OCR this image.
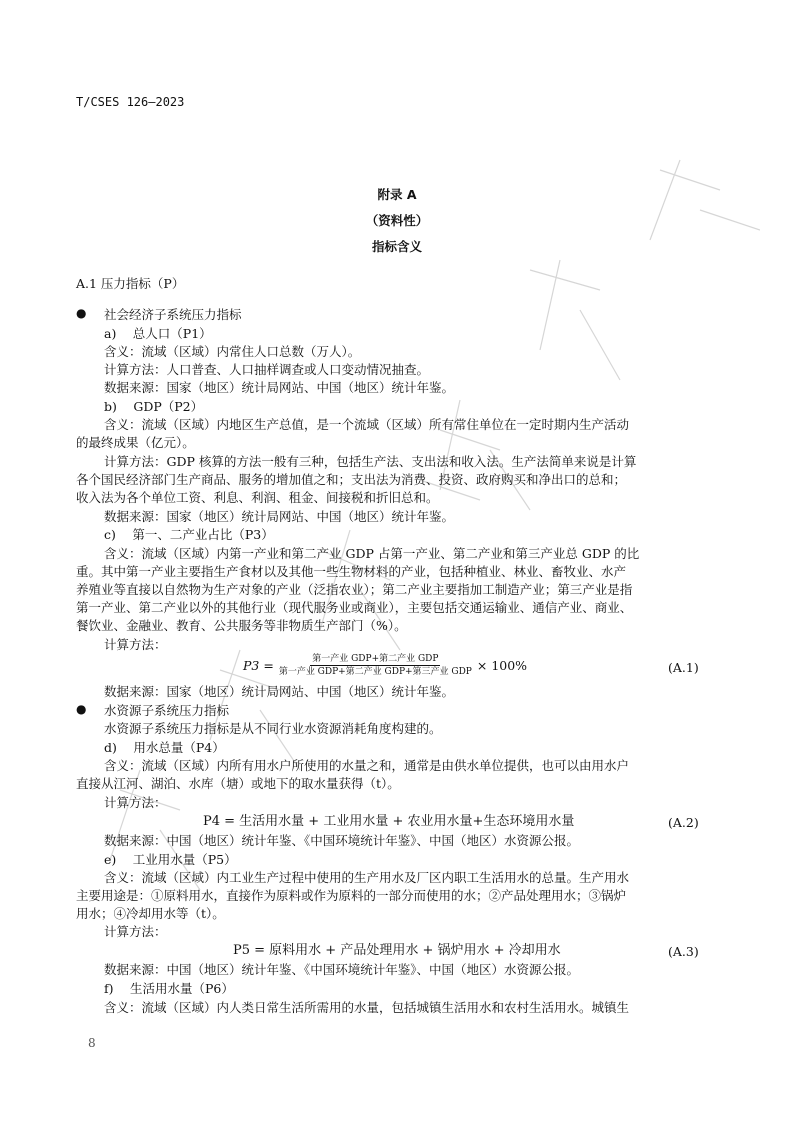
T/CSES 126—2023
附录 A
（资料性）
指标含义
A.1 压力指标（P）
● 社会经济子系统压力指标
a)　 总人口（P1）
含义：流域（区域）内常住人口总数（万人）。
计算方法：人口普查、人口抽样调查或人口变动情况抽查。
数据来源：国家（地区）统计局网站、中国（地区）统计年鉴。
b)　 GDP（P2）
含义：流域（区域）内地区生产总值，是一个流域（区域）所有常住单位在一定时期内生产活动
的最终成果（亿元）。
计算方法：GDP 核算的方法一般有三种，包括生产法、支出法和收入法。生产法简单来说是计算
各个国民经济部门生产商品、服务的增加值之和；支出法为消费、投资、政府购买和净出口的总和；
收入法为各个单位工资、利息、利润、租金、间接税和折旧总和。
数据来源：国家（地区）统计局网站、中国（地区）统计年鉴。
c)　 第一、二产业占比（P3）
含义：流域（区域）内第一产业和第二产业 GDP 占第一产业、第二产业和第三产业总 GDP 的比
重。其中第一产业主要指生产食材以及其他一些生物材料的产业，包括种植业、林业、畜牧业、水产
养殖业等直接以自然物为生产对象的产业（泛指农业）；第二产业主要指加工制造产业；第三产业是指
第一产业、第二产业以外的其他行业（现代服务业或商业），主要包括交通运输业、通信产业、商业、
餐饮业、金融业、教育、公共服务等非物质生产部门（%）。
计算方法：
$P3 = \frac{\text{第一产业 GDP+第二产业 GDP}}{\text{第一产业 GDP+第二产业 GDP+第三产业 GDP}} \times 100\%$	(A.1)
数据来源：国家（地区）统计局网站、中国（地区）统计年鉴。
● 水资源子系统压力指标
水资源子系统压力指标是从不同行业水资源消耗角度构建的。
d)　 用水总量（P4）
含义：流域（区域）内所有用水户所使用的水量之和，通常是由供水单位提供，也可以由用水户
直接从江河、湖泊、水库（塘）或地下的取水量获得（t）。
计算方法：
P4 = 生活用水量 + 工业用水量 + 农业用水量+生态环境用水量	(A.2)
数据来源：中国（地区）统计年鉴、《中国环境统计年鉴》、中国（地区）水资源公报。
e)　 工业用水量（P5）
含义：流域（区域）内工业生产过程中使用的生产用水及厂区内职工生活用水的总量。生产用水
主要用途是：①原料用水，直接作为原料或作为原料的一部分而使用的水；②产品处理用水；③锅炉
用水；④冷却用水等（t）。
计算方法：
P5 = 原料用水 + 产品处理用水 + 锅炉用水 + 冷却用水	(A.3)
数据来源：中国（地区）统计年鉴、《中国环境统计年鉴》、中国（地区）水资源公报。
f)　 生活用水量（P6）
含义：流域（区域）内人类日常生活所需用的水量，包括城镇生活用水和农村生活用水。城镇生
8
